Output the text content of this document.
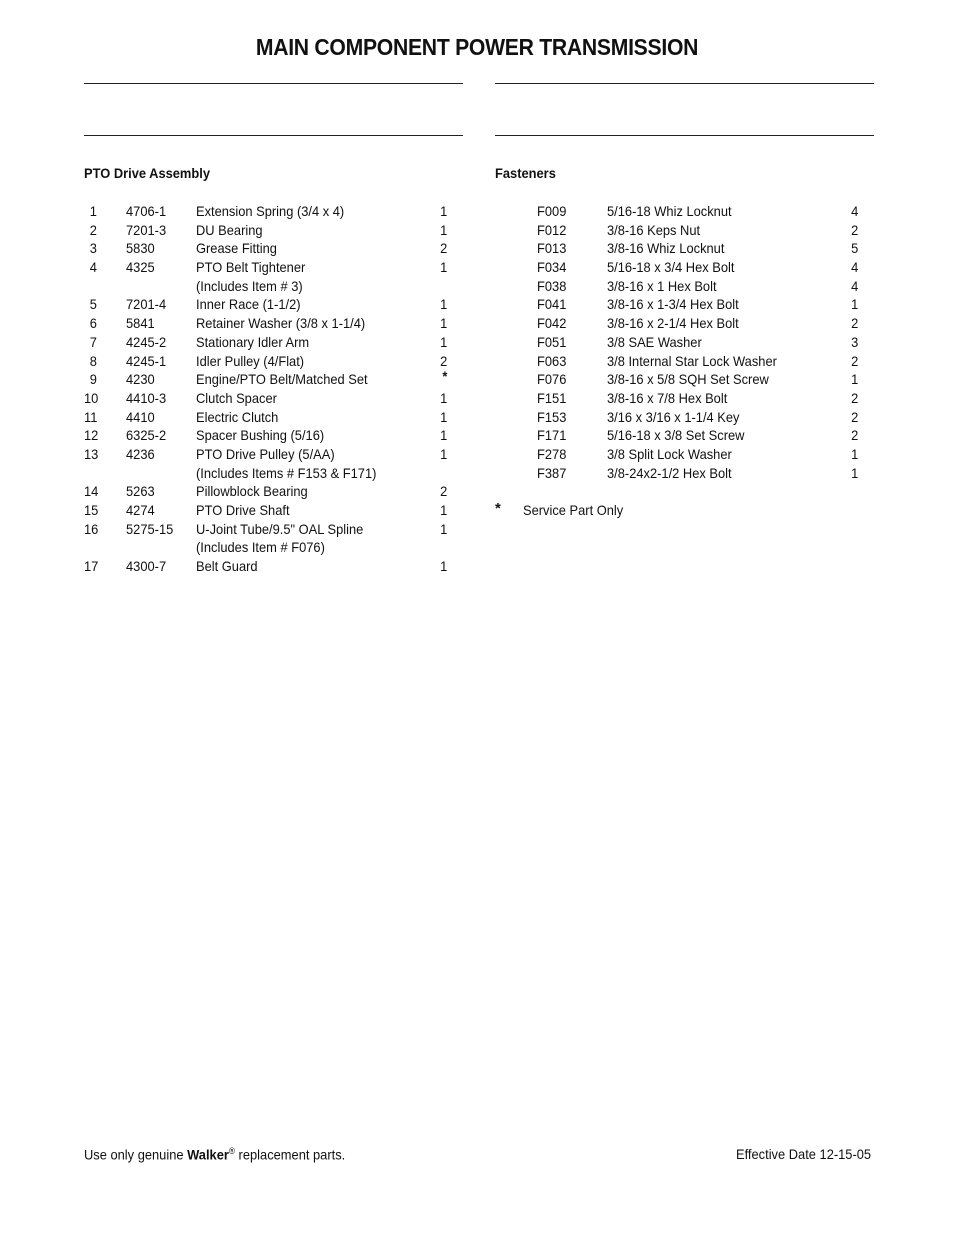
MAIN COMPONENT POWER TRANSMISSION
PTO Drive Assembly	Fasteners
1 4706-1 Extension Spring (3/4 x 4)	1
2 7201-3 DU Bearing	1
3 5830	Grease Fitting	2
4 4325	PTO Belt Tightener	1
(Includes Item # 3)
5 7201-4 Inner Race (1-1/2)	1
6 5841	Retainer Washer (3/8 x 1-1/4)	1
7 4245-2 Stationary Idler Arm	1
8 4245-1 Idler Pulley (4/Flat)	2
9 4230	Engine/PTO Belt/Matched Set	*
10 4410-3 Clutch Spacer	1
11 4410	Electric Clutch	1
12 6325-2 Spacer Bushing (5/16)	1
13 4236	PTO Drive Pulley (5/AA)	1
(Includes Items # F153 & F171)
14 5263	Pillowblock Bearing	2
15 4274	PTO Drive Shaft	1
16 5275-15 U-Joint Tube/9.5" OAL Spline	1
(Includes Item # F076)
17 4300-7 Belt Guard	1
F009	5/16-18 Whiz Locknut	4
F012	3/8-16 Keps Nut	2
F013	3/8-16 Whiz Locknut	5
F034	5/16-18 x 3/4 Hex Bolt	4
F038	3/8-16 x 1 Hex Bolt	4
F041	3/8-16 x 1-3/4 Hex Bolt	1
F042	3/8-16 x 2-1/4 Hex Bolt	2
F051	3/8 SAE Washer	3
F063	3/8 Internal Star Lock Washer	2
F076	3/8-16 x 5/8 SQH Set Screw	1
F151	3/8-16 x 7/8 Hex Bolt	2
F153	3/16 x 3/16 x 1-1/4 Key	2
F171	5/16-18 x 3/8 Set Screw	2
F278	3/8 Split Lock Washer	1
F387	3/8-24x2-1/2 Hex Bolt	1
* Service Part Only
Use only genuine Walker® replacement parts.	Effective Date 12-15-05
